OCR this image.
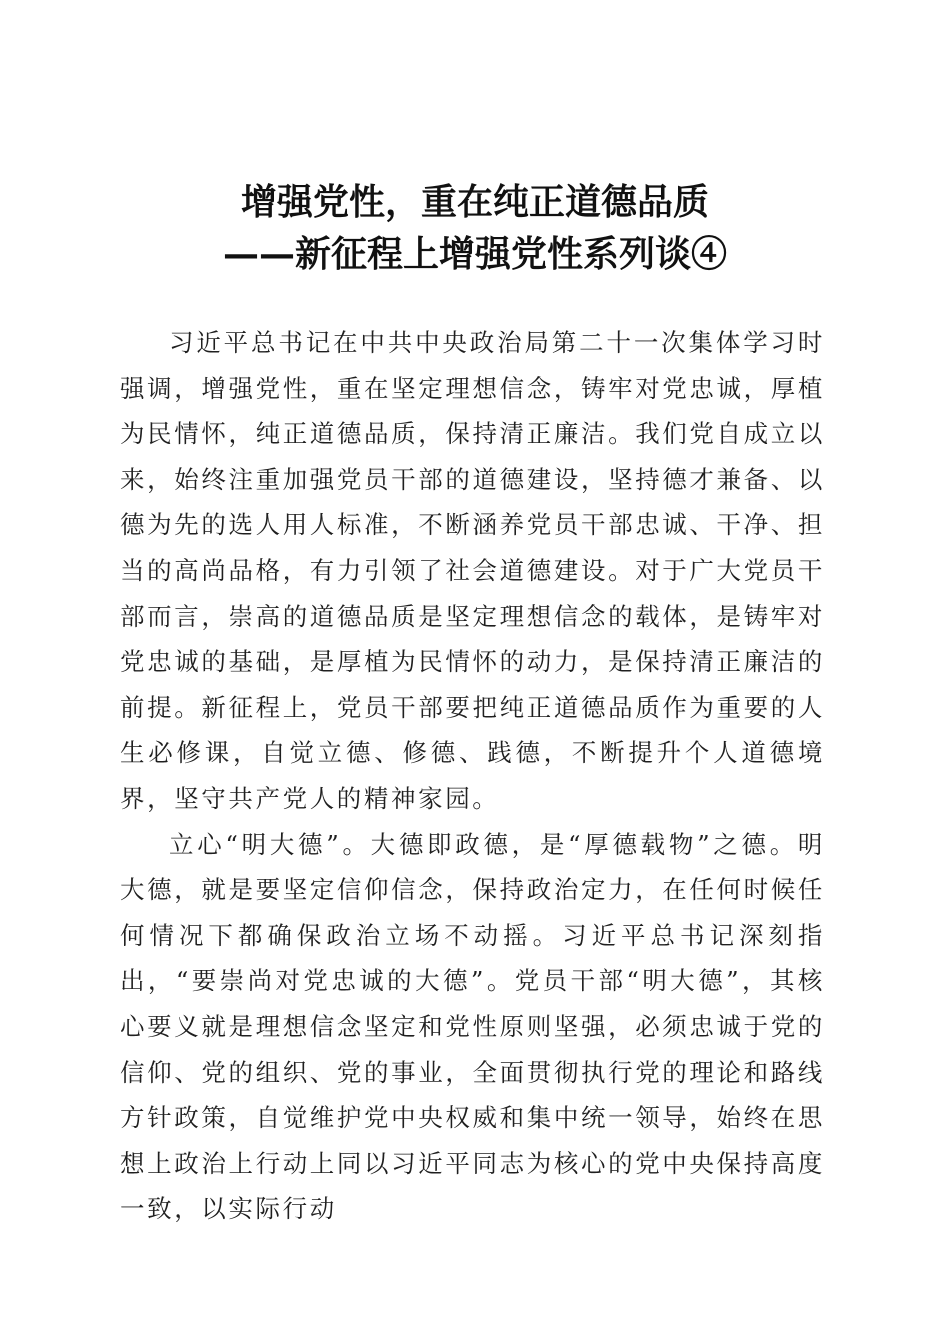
增强党性，重在纯正道德品质
——新征程上增强党性系列谈④

习近平总书记在中共中央政治局第二十一次集体学习时强调，增强党性，重在坚定理想信念，铸牢对党忠诚，厚植为民情怀，纯正道德品质，保持清正廉洁。我们党自成立以来，始终注重加强党员干部的道德建设，坚持德才兼备、以德为先的选人用人标准，不断涵养党员干部忠诚、干净、担当的高尚品格，有力引领了社会道德建设。对于广大党员干部而言，崇高的道德品质是坚定理想信念的载体，是铸牢对党忠诚的基础，是厚植为民情怀的动力，是保持清正廉洁的前提。新征程上，党员干部要把纯正道德品质作为重要的人生必修课，自觉立德、修德、践德，不断提升个人道德境界，坚守共产党人的精神家园。

立心“明大德”。大德即政德，是“厚德载物”之德。明大德，就是要坚定信仰信念，保持政治定力，在任何时候任何情况下都确保政治立场不动摇。习近平总书记深刻指出，“要崇尚对党忠诚的大德”。党员干部“明大德”，其核心要义就是理想信念坚定和党性原则坚强，必须忠诚于党的信仰、党的组织、党的事业，全面贯彻执行党的理论和路线方针政策，自觉维护党中央权威和集中统一领导，始终在思想上政治上行动上同以习近平同志为核心的党中央保持高度一致，以实际行动
